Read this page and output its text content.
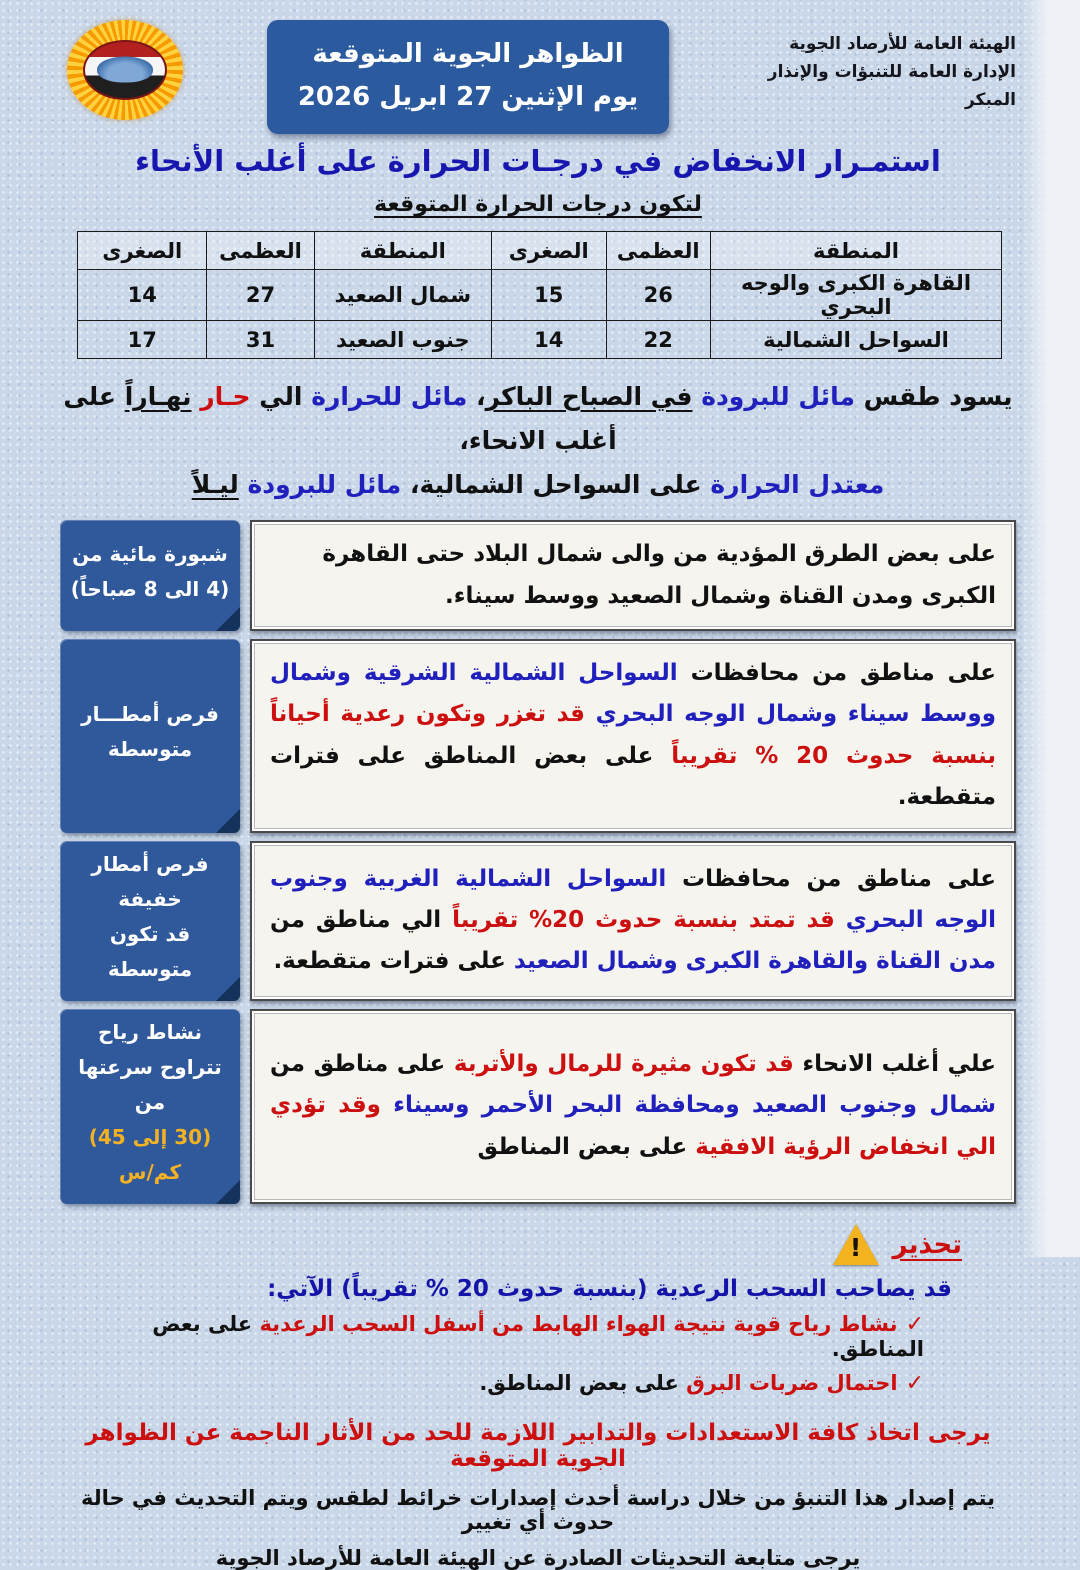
الهيئة العامة للأرصاد الجوية
الإدارة العامة للتنبؤات والإنذار المبكر
الظواهر الجوية المتوقعة
يوم الإثنين 27 ابريل 2026
استمـرار الانخفاض في درجـات الحرارة على أغلب الأنحاء
لتكون درجات الحرارة المتوقعة
المنطقة	العظمى	الصغرى	المنطقة	العظمى	الصغرى
القاهرة الكبرى والوجه البحري	26	15	شمال الصعيد	27	14
السواحل الشمالية	22	14	جنوب الصعيد	31	17
يسود طقس مائل للبرودة في الصباح الباكر، مائل للحرارة الي حـار نهـاراً على أغلب الانحاء،
معتدل الحرارة على السواحل الشمالية، مائل للبرودة ليـلاً
على بعض الطرق المؤدية من والى شمال البلاد حتى القاهرة الكبرى ومدن القناة وشمال الصعيد ووسط سيناء.
شبورة مائية من
(4 الى 8 صباحاً)
على مناطق من محافظات السواحل الشمالية الشرقية وشمال ووسط سيناء وشمال الوجه البحري قد تغزر وتكون رعدية أحياناً بنسبة حدوث 20 % تقريباً على بعض المناطق على فترات متقطعة.
فرص أمطـــار
متوسطة
على مناطق من محافظات السواحل الشمالية الغربية وجنوب الوجه البحري قد تمتد بنسبة حدوث 20% تقريباً الي مناطق من مدن القناة والقاهرة الكبرى وشمال الصعيد على فترات متقطعة.
فرص أمطار خفيفة
قد تكون متوسطة
علي أغلب الانحاء قد تكون مثيرة للرمال والأتربة على مناطق من شمال وجنوب الصعيد ومحافظة البحر الأحمر وسيناء وقد تؤدي الي انخفاض الرؤية الافقية على بعض المناطق
نشاط رياح
تتراوح سرعتها من
(30 إلى 45) كم/س
تحذير
!
قد يصاحب السحب الرعدية (بنسبة حدوث 20 % تقريباً) الآتي:
✓نشاط رياح قوية نتيجة الهواء الهابط من أسفل السحب الرعدية على بعض المناطق.
✓احتمال ضربات البرق على بعض المناطق.
يرجى اتخاذ كافة الاستعدادات والتدابير اللازمة للحد من الأثار الناجمة عن الظواهر الجوية المتوقعة
يتم إصدار هذا التنبؤ من خلال دراسة أحدث إصدارات خرائط لطقس ويتم التحديث في حالة حدوث أي تغيير
يرجى متابعة التحديثات الصادرة عن الهيئة العامة للأرصاد الجوية
